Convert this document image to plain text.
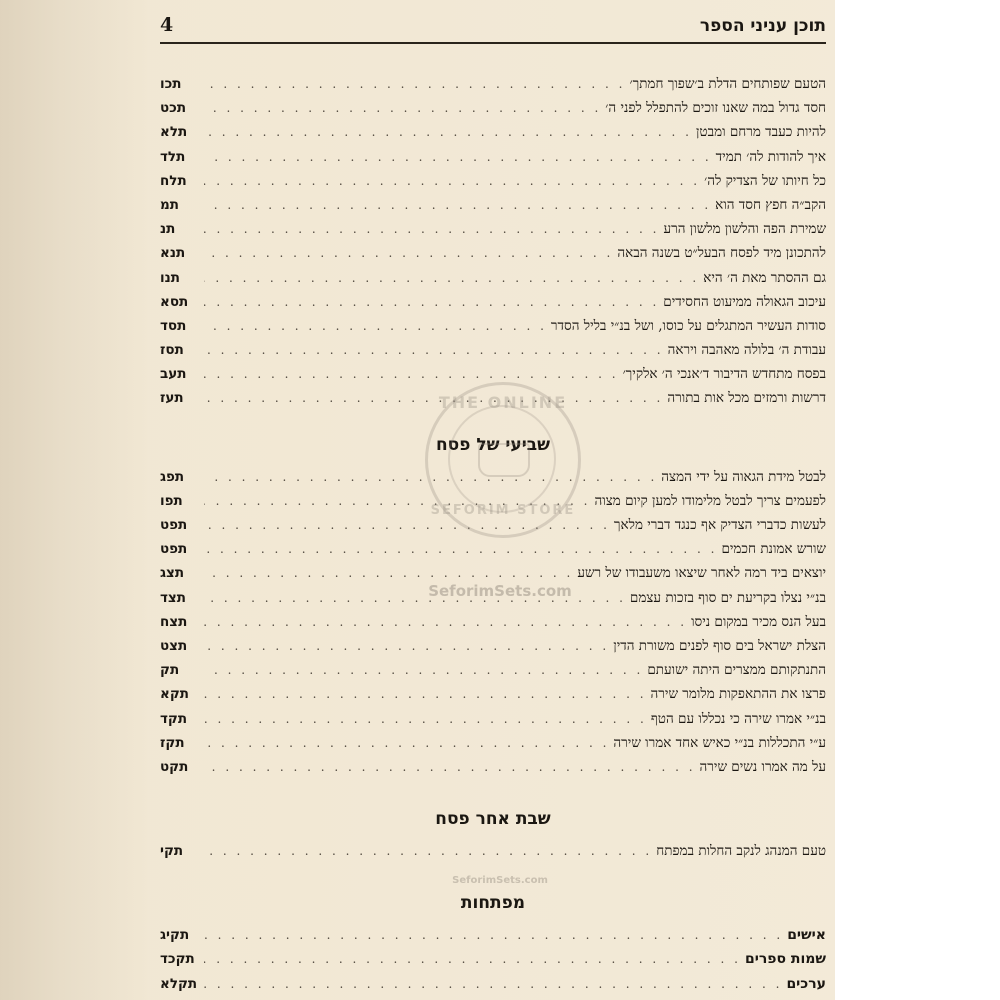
תוכן עניני הספר
4
הטעם שפותחים הדלת ב׳שפוך חמתך׳
. . .
תכו
חסד גדול במה שאנו זוכים להתפלל לפני ה׳
. . .
תכט
להיות כעבד מרחם ומבטן
. . .
תלא
איך להודות לה׳ תמיד
. . .
תלד
כל חיותו של הצדיק לה׳
. . .
תלח
הקב״ה חפץ חסד הוא
. . .
תמ
שמירת הפה והלשון מלשון הרע
. . .
תנ
להתכונן מיד לפסח הבעל״ט בשנה הבאה
. . .
תנא
גם ההסתר מאת ה׳ היא
. . .
תנו
עיכוב הגאולה ממיעוט החסידים
. . .
תסא
סודות העשיר המתגלים על כוסו, ושל בנ״י בליל הסדר
. . .
תסד
עבודת ה׳ בלולה מאהבה ויראה
. . .
תסז
בפסח מתחדש הדיבור ד׳אנכי ה׳ אלקיך׳
. . .
תעב
דרשות ורמזים מכל אות בתורה
. . .
תעז
שביעי של פסח
לבטל מידת הגאוה על ידי המצה
. . .
תפג
לפעמים צריך לבטל מלימודו למען קיום מצוה
. . .
תפו
לעשות כדברי הצדיק אף כנגד דברי מלאך
. . .
תפט
שורש אמונת חכמים
. . .
תפט
יוצאים ביד רמה לאחר שיצאו משעבודו של רשע
. . .
תצג
בנ״י נצלו בקריעת ים סוף בזכות עצמם
. . .
תצד
בעל הנס מכיר במקום ניסו
. . .
תצח
הצלת ישראל בים סוף לפנים משורת הדין
. . .
תצט
התנתקותם ממצרים היתה ישועתם
. . .
תק
פרצו את ההתאפקות מלומר שירה
. . .
תקא
בנ״י אמרו שירה כי נכללו עם הטף
. . .
תקד
ע״י התכללות בנ״י כאיש אחד אמרו שירה
. . .
תקז
על מה אמרו נשים שירה
. . .
תקט
שבת אחר פסח
טעם המנהג לנקב החלות במפתח
. . .
תקי
מפתחות
אישים
. . .
תקיג
שמות ספרים
. . .
תקכד
ערכים
. . .
תקלא
THE ONLINE
SEFORIM STORE
SeforimSets.com
SeforimSets.com
